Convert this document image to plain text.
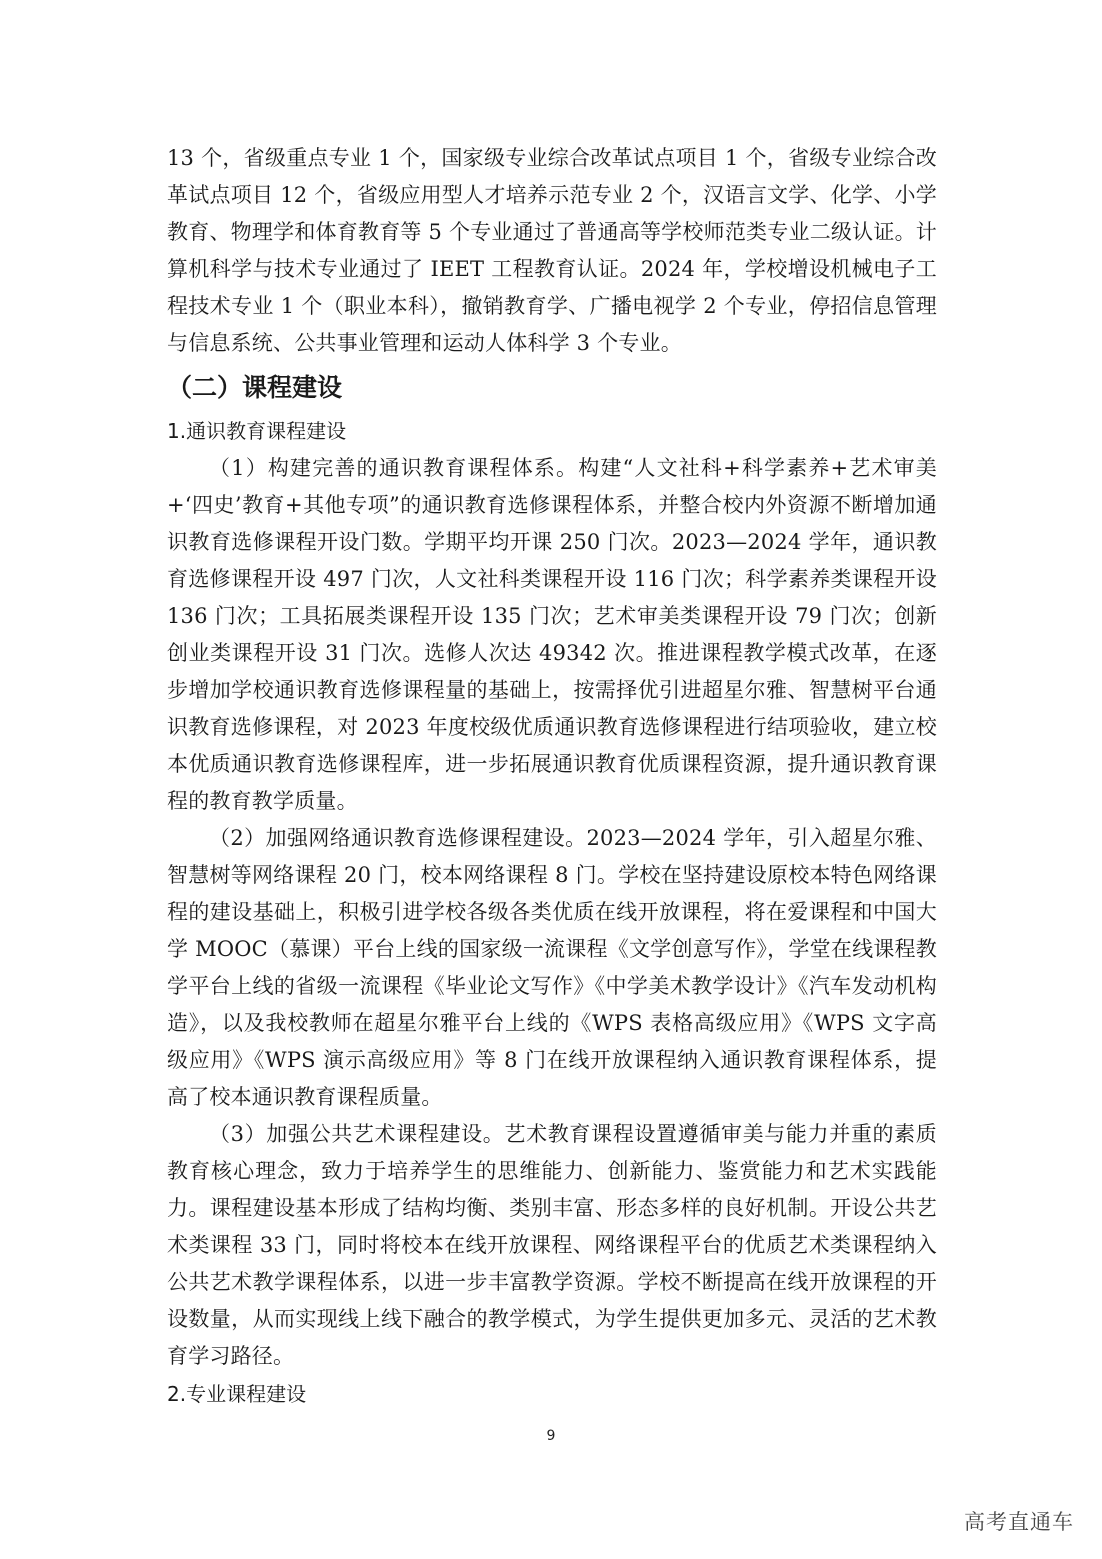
13 个，省级重点专业 1 个，国家级专业综合改革试点项目 1 个，省级专业综合改革试点项目 12 个，省级应用型人才培养示范专业 2 个，汉语言文学、化学、小学教育、物理学和体育教育等 5 个专业通过了普通高等学校师范类专业二级认证。计算机科学与技术专业通过了 IEET 工程教育认证。2024 年，学校增设机械电子工程技术专业 1 个（职业本科），撤销教育学、广播电视学 2 个专业，停招信息管理与信息系统、公共事业管理和运动人体科学 3 个专业。

（二）课程建设
1.通识教育课程建设

（1）构建完善的通识教育课程体系。构建“人文社科+科学素养+艺术审美+‘四史’教育+其他专项”的通识教育选修课程体系，并整合校内外资源不断增加通识教育选修课程开设门数。学期平均开课 250 门次。2023—2024 学年，通识教育选修课程开设 497 门次，人文社科类课程开设 116 门次；科学素养类课程开设 136 门次；工具拓展类课程开设 135 门次；艺术审美类课程开设 79 门次；创新创业类课程开设 31 门次。选修人次达 49342 次。推进课程教学模式改革，在逐步增加学校通识教育选修课程量的基础上，按需择优引进超星尔雅、智慧树平台通识教育选修课程，对 2023 年度校级优质通识教育选修课程进行结项验收，建立校本优质通识教育选修课程库，进一步拓展通识教育优质课程资源，提升通识教育课程的教育教学质量。

（2）加强网络通识教育选修课程建设。2023—2024 学年，引入超星尔雅、智慧树等网络课程 20 门，校本网络课程 8 门。学校在坚持建设原校本特色网络课程的建设基础上，积极引进学校各级各类优质在线开放课程，将在爱课程和中国大学 MOOC（慕课）平台上线的国家级一流课程《文学创意写作》，学堂在线课程教学平台上线的省级一流课程《毕业论文写作》《中学美术教学设计》《汽车发动机构造》，以及我校教师在超星尔雅平台上线的《WPS 表格高级应用》《WPS 文字高级应用》《WPS 演示高级应用》等 8 门在线开放课程纳入通识教育课程体系，提高了校本通识教育课程质量。

（3）加强公共艺术课程建设。艺术教育课程设置遵循审美与能力并重的素质教育核心理念，致力于培养学生的思维能力、创新能力、鉴赏能力和艺术实践能力。课程建设基本形成了结构均衡、类别丰富、形态多样的良好机制。开设公共艺术类课程 33 门，同时将校本在线开放课程、网络课程平台的优质艺术类课程纳入公共艺术教学课程体系，以进一步丰富教学资源。学校不断提高在线开放课程的开设数量，从而实现线上线下融合的教学模式，为学生提供更加多元、灵活的艺术教育学习路径。

2.专业课程建设
9
高考直通车
